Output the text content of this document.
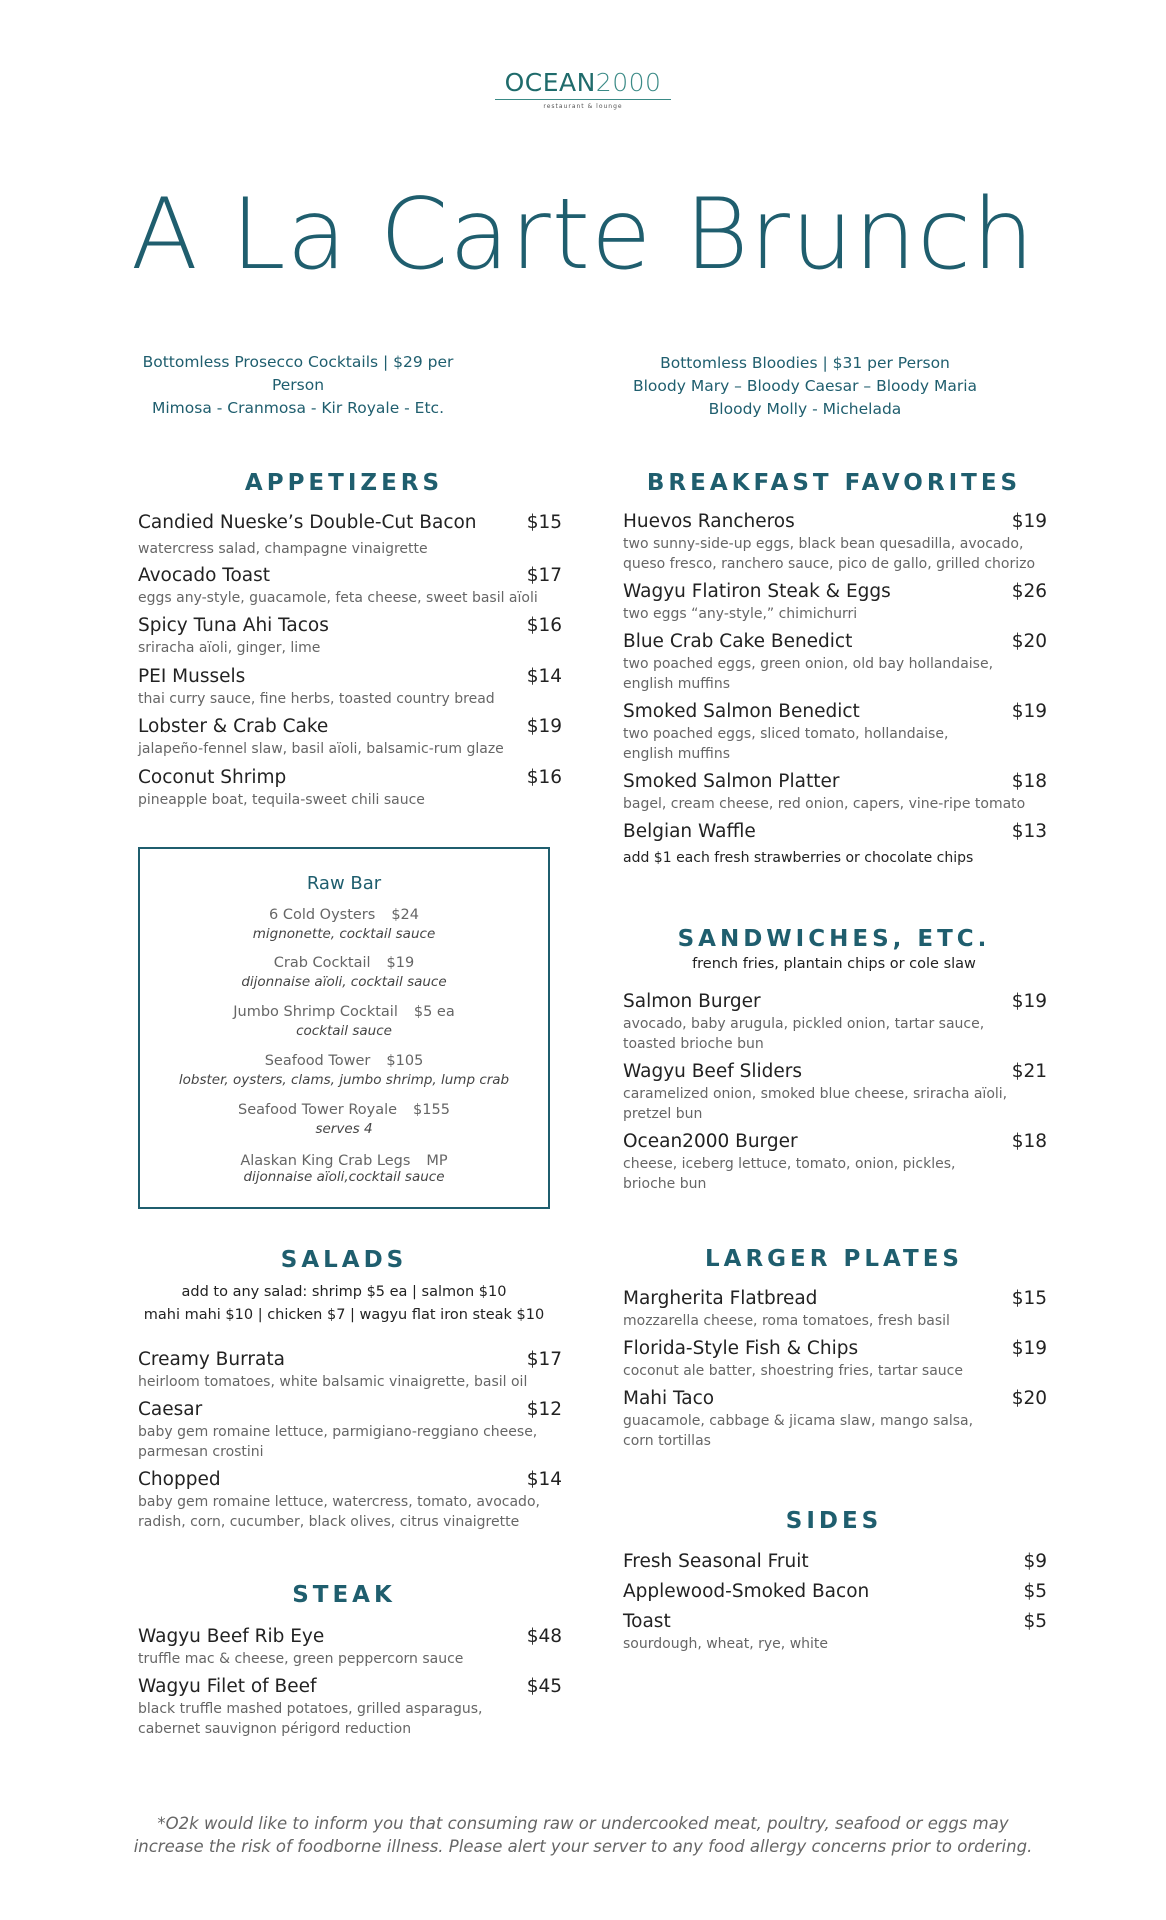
OCEAN2000
restaurant & lounge
A La Carte Brunch
Bottomless Prosecco Cocktails | $29 per Person
Mimosa - Cranmosa - Kir Royale - Etc.
Bottomless Bloodies | $31 per Person
Bloody Mary – Bloody Caesar – Bloody Maria
Bloody Molly - Michelada
APPETIZERS
Candied Nueske’s Double-Cut Bacon	$15
watercress salad, champagne vinaigrette
Avocado Toast	$17
eggs any-style, guacamole, feta cheese, sweet basil aïoli
Spicy Tuna Ahi Tacos	$16
sriracha aïoli, ginger, lime
PEI Mussels	$14
thai curry sauce, fine herbs, toasted country bread
Lobster & Crab Cake	$19
jalapeño-fennel slaw, basil aïoli, balsamic-rum glaze
Coconut Shrimp	$16
pineapple boat, tequila-sweet chili sauce
Raw Bar
6 Cold Oysters $24
mignonette, cocktail sauce
Crab Cocktail $19
dijonnaise aïoli, cocktail sauce
Jumbo Shrimp Cocktail $5 ea
cocktail sauce
Seafood Tower $105
lobster, oysters, clams, jumbo shrimp, lump crab
Seafood Tower Royale $155
serves 4
Alaskan King Crab Legs MP
dijonnaise aïoli,cocktail sauce
SALADS
add to any salad: shrimp $5 ea | salmon $10
mahi mahi $10 | chicken $7 | wagyu flat iron steak $10
Creamy Burrata	$17
heirloom tomatoes, white balsamic vinaigrette, basil oil
Caesar	$12
baby gem romaine lettuce, parmigiano-reggiano cheese,
parmesan crostini
Chopped	$14
baby gem romaine lettuce, watercress, tomato, avocado,
radish, corn, cucumber, black olives, citrus vinaigrette
STEAK
Wagyu Beef Rib Eye	$48
truffle mac & cheese, green peppercorn sauce
Wagyu Filet of Beef	$45
black truffle mashed potatoes, grilled asparagus,
cabernet sauvignon périgord reduction
BREAKFAST FAVORITES
Huevos Rancheros	$19
two sunny-side-up eggs, black bean quesadilla, avocado,
queso fresco, ranchero sauce, pico de gallo, grilled chorizo
Wagyu Flatiron Steak & Eggs	$26
two eggs “any-style,” chimichurri
Blue Crab Cake Benedict	$20
two poached eggs, green onion, old bay hollandaise,
english muffins
Smoked Salmon Benedict	$19
two poached eggs, sliced tomato, hollandaise,
english muffins
Smoked Salmon Platter	$18
bagel, cream cheese, red onion, capers, vine-ripe tomato
Belgian Waffle	$13
add $1 each fresh strawberries or chocolate chips
SANDWICHES, ETC.
french fries, plantain chips or cole slaw
Salmon Burger	$19
avocado, baby arugula, pickled onion, tartar sauce,
toasted brioche bun
Wagyu Beef Sliders	$21
caramelized onion, smoked blue cheese, sriracha aïoli,
pretzel bun
Ocean2000 Burger	$18
cheese, iceberg lettuce, tomato, onion, pickles,
brioche bun
LARGER PLATES
Margherita Flatbread	$15
mozzarella cheese, roma tomatoes, fresh basil
Florida-Style Fish & Chips	$19
coconut ale batter, shoestring fries, tartar sauce
Mahi Taco	$20
guacamole, cabbage & jicama slaw, mango salsa,
corn tortillas
SIDES
Fresh Seasonal Fruit	$9
Applewood-Smoked Bacon	$5
Toast	$5
sourdough, wheat, rye, white
*O2k would like to inform you that consuming raw or undercooked meat, poultry, seafood or eggs may
increase the risk of foodborne illness. Please alert your server to any food allergy concerns prior to ordering.
